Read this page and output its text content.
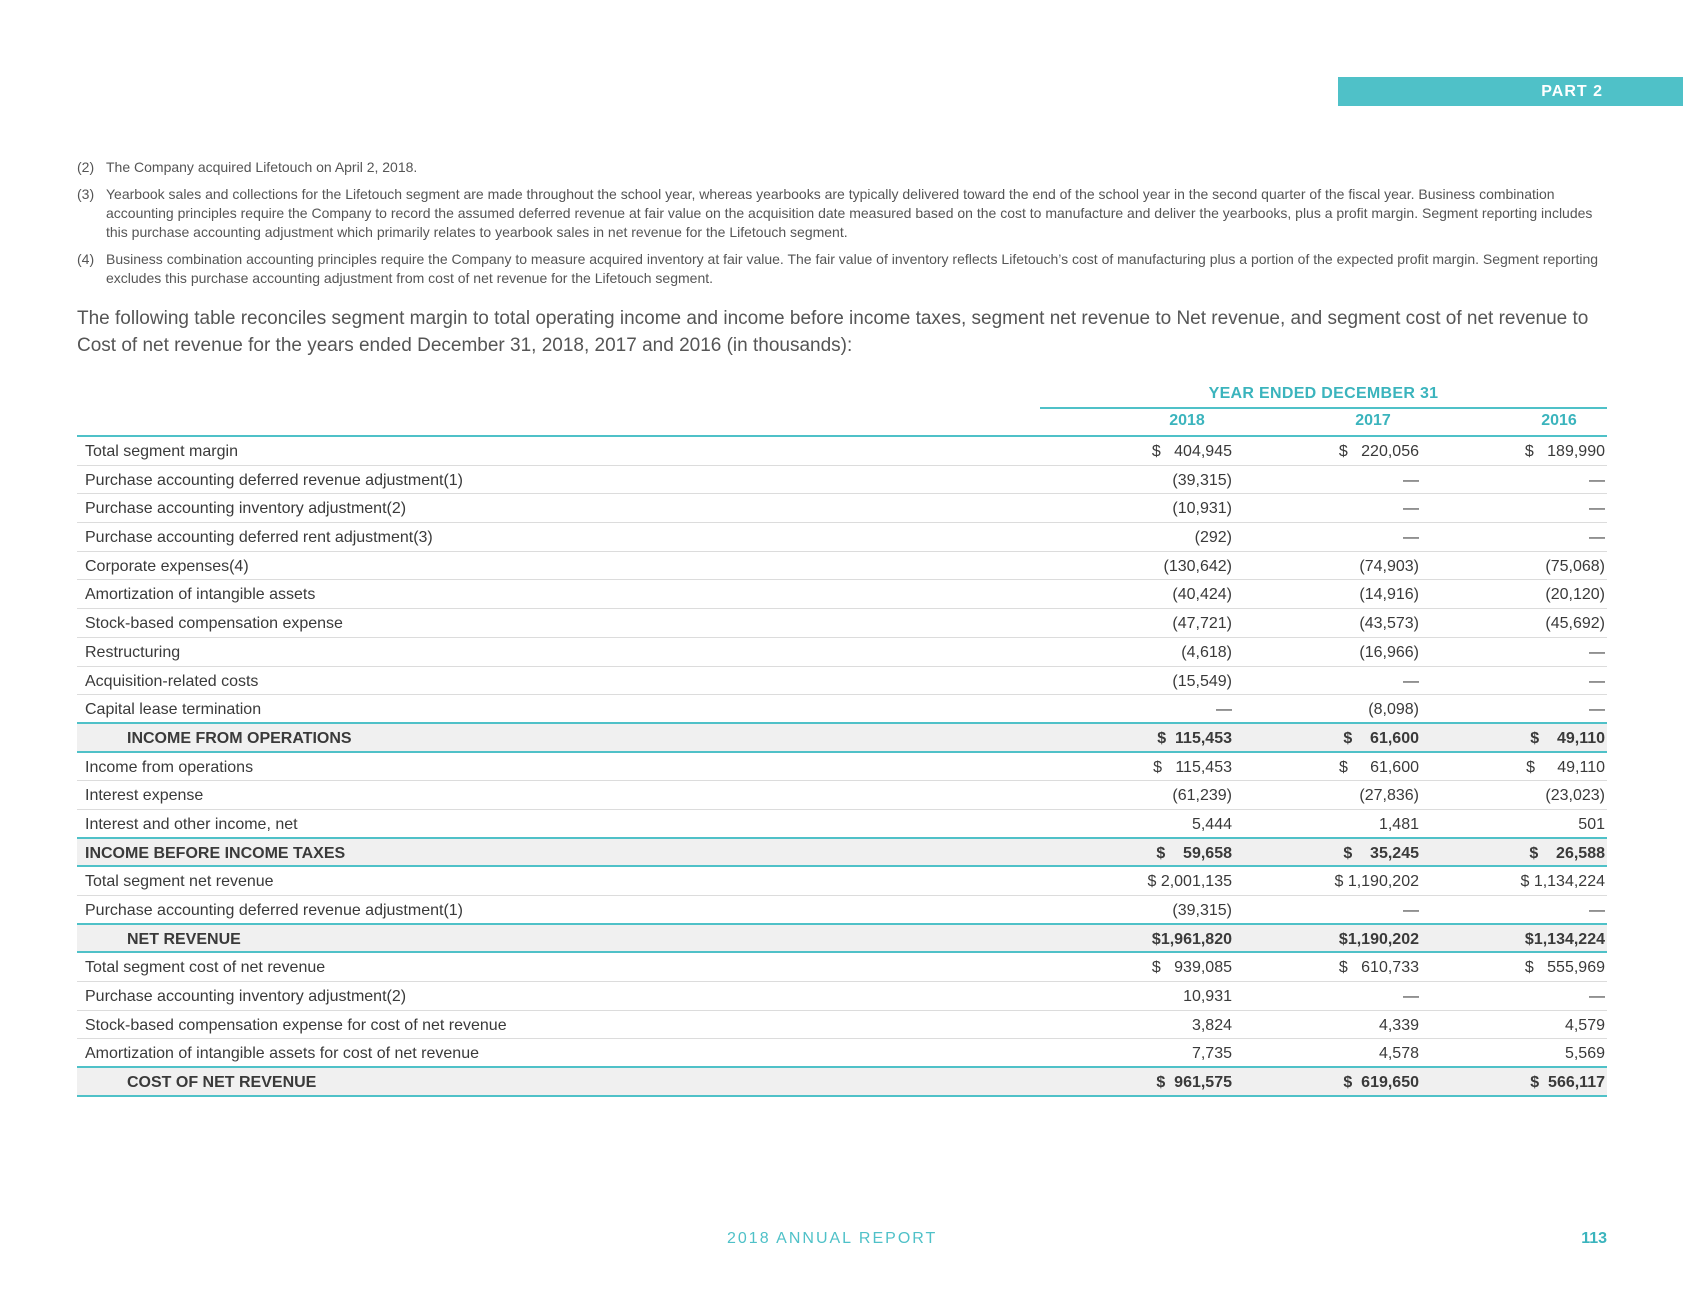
PART 2
(2) The Company acquired Lifetouch on April 2, 2018.
(3) Yearbook sales and collections for the Lifetouch segment are made throughout the school year, whereas yearbooks are typically delivered toward the end of the school year in the second quarter of the fiscal year. Business combination accounting principles require the Company to record the assumed deferred revenue at fair value on the acquisition date measured based on the cost to manufacture and deliver the yearbooks, plus a profit margin. Segment reporting includes this purchase accounting adjustment which primarily relates to yearbook sales in net revenue for the Lifetouch segment.
(4) Business combination accounting principles require the Company to measure acquired inventory at fair value. The fair value of inventory reflects Lifetouch’s cost of manufacturing plus a portion of the expected profit margin. Segment reporting excludes this purchase accounting adjustment from cost of net revenue for the Lifetouch segment.
The following table reconciles segment margin to total operating income and income before income taxes, segment net revenue to Net revenue, and segment cost of net revenue to Cost of net revenue for the years ended December 31, 2018, 2017 and 2016 (in thousands):
YEAR ENDED DECEMBER 31
2018	2017	2016
Total segment margin	$   404,945	$   220,056	$   189,990
Purchase accounting deferred revenue adjustment(1)	(39,315)	—	—
Purchase accounting inventory adjustment(2)	(10,931)	—	—
Purchase accounting deferred rent adjustment(3)	(292)	—	—
Corporate expenses(4)	(130,642)	(74,903)	(75,068)
Amortization of intangible assets	(40,424)	(14,916)	(20,120)
Stock-based compensation expense	(47,721)	(43,573)	(45,692)
Restructuring	(4,618)	(16,966)	—
Acquisition-related costs	(15,549)	—	—
Capital lease termination	—	(8,098)	—
INCOME FROM OPERATIONS	$  115,453	$    61,600	$    49,110
Income from operations	$   115,453	$     61,600	$     49,110
Interest expense	(61,239)	(27,836)	(23,023)
Interest and other income, net	5,444	1,481	501
INCOME BEFORE INCOME TAXES	$    59,658	$    35,245	$    26,588
Total segment net revenue	$ 2,001,135	$ 1,190,202	$ 1,134,224
Purchase accounting deferred revenue adjustment(1)	(39,315)	—	—
NET REVENUE	$1,961,820	$1,190,202	$1,134,224
Total segment cost of net revenue	$   939,085	$   610,733	$   555,969
Purchase accounting inventory adjustment(2)	10,931	—	—
Stock-based compensation expense for cost of net revenue	3,824	4,339	4,579
Amortization of intangible assets for cost of net revenue	7,735	4,578	5,569
COST OF NET REVENUE	$  961,575	$  619,650	$  566,117
2018 ANNUAL REPORT	113
